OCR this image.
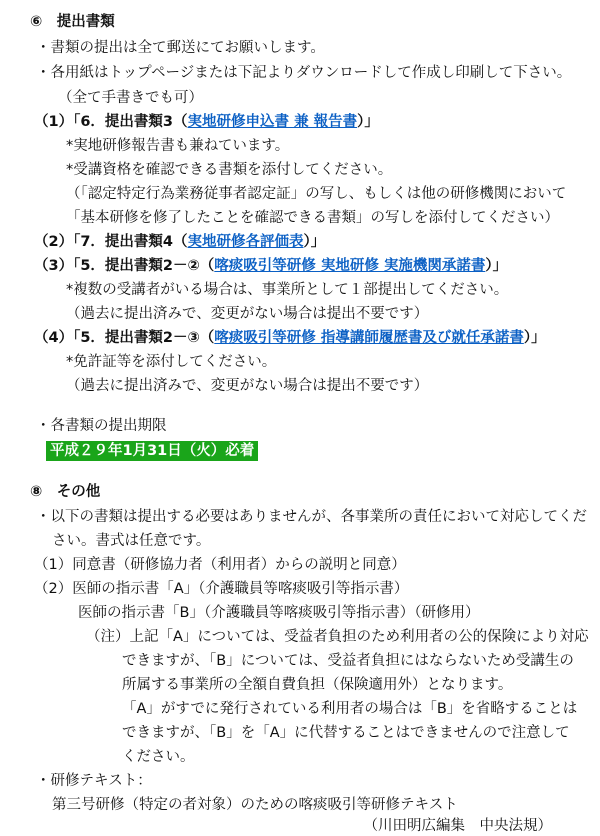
⑥　提出書類
・書類の提出は全て郵送にてお願いします。
・各用紙はトップページまたは下記よりダウンロードして作成し印刷して下さい。
（全て手書きでも可）
（1）「6．提出書類3（実地研修申込書 兼 報告書）」
*実地研修報告書も兼ねています。
*受講資格を確認できる書類を添付してください。
（「認定特定行為業務従事者認定証」の写し、もしくは他の研修機関において
「基本研修を修了したことを確認できる書類」の写しを添付してください）
（2）「7．提出書類4（実地研修各評価表）」
（3）「5．提出書類2－②（喀痰吸引等研修 実地研修 実施機関承諾書）」
*複数の受講者がいる場合は、事業所として１部提出してください。
（過去に提出済みで、変更がない場合は提出不要です）
（4）「5．提出書類2－③（喀痰吸引等研修 指導講師履歴書及び就任承諾書）」
*免許証等を添付してください。
（過去に提出済みで、変更がない場合は提出不要です）
・各書類の提出期限
平成２９年1月31日（火）必着
⑧　その他
・以下の書類は提出する必要はありませんが、各事業所の責任において対応してくだ
さい。書式は任意です。
（1）同意書（研修協力者（利用者）からの説明と同意）
（2）医師の指示書「A」（介護職員等喀痰吸引等指示書）
医師の指示書「B」（介護職員等喀痰吸引等指示書）（研修用）
（注）上記「A」については、受益者負担のため利用者の公的保険により対応
できますが、「B」については、受益者負担にはならないため受講生の
所属する事業所の全額自費負担（保険適用外）となります。
「A」がすでに発行されている利用者の場合は「B」を省略することは
できますが、「B」を「A」に代替することはできませんので注意して
ください。
・研修テキスト：
第三号研修（特定の者対象）のための喀痰吸引等研修テキスト
（川田明広編集　中央法規）
